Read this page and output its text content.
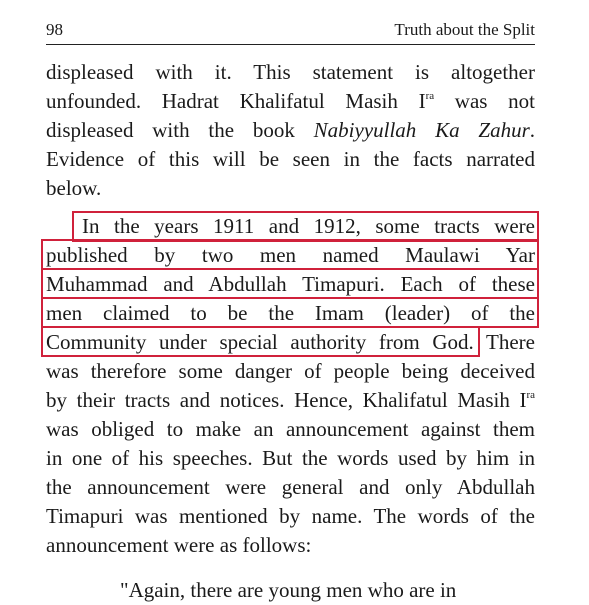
98	Truth about the Split
displeased with it. This statement is altogether
unfounded. Hadrat Khalifatul Masih $I^{ra}$ was not
displeased with the book Nabiyyullah Ka Zahur.
Evidence of this will be seen in the facts narrated
below.
In the years 1911 and 1912, some tracts were
published by two men named Maulawi Yar
Muhammad and Abdullah Timapuri. Each of these
men claimed to be the Imam (leader) of the
Community under special authority from God. There
was therefore some danger of people being deceived
by their tracts and notices. Hence, Khalifatul Masih $I^{ra}$
was obliged to make an announcement against them
in one of his speeches. But the words used by him in
the announcement were general and only Abdullah
Timapuri was mentioned by name. The words of the
announcement were as follows:
"Again, there are young men who are in
